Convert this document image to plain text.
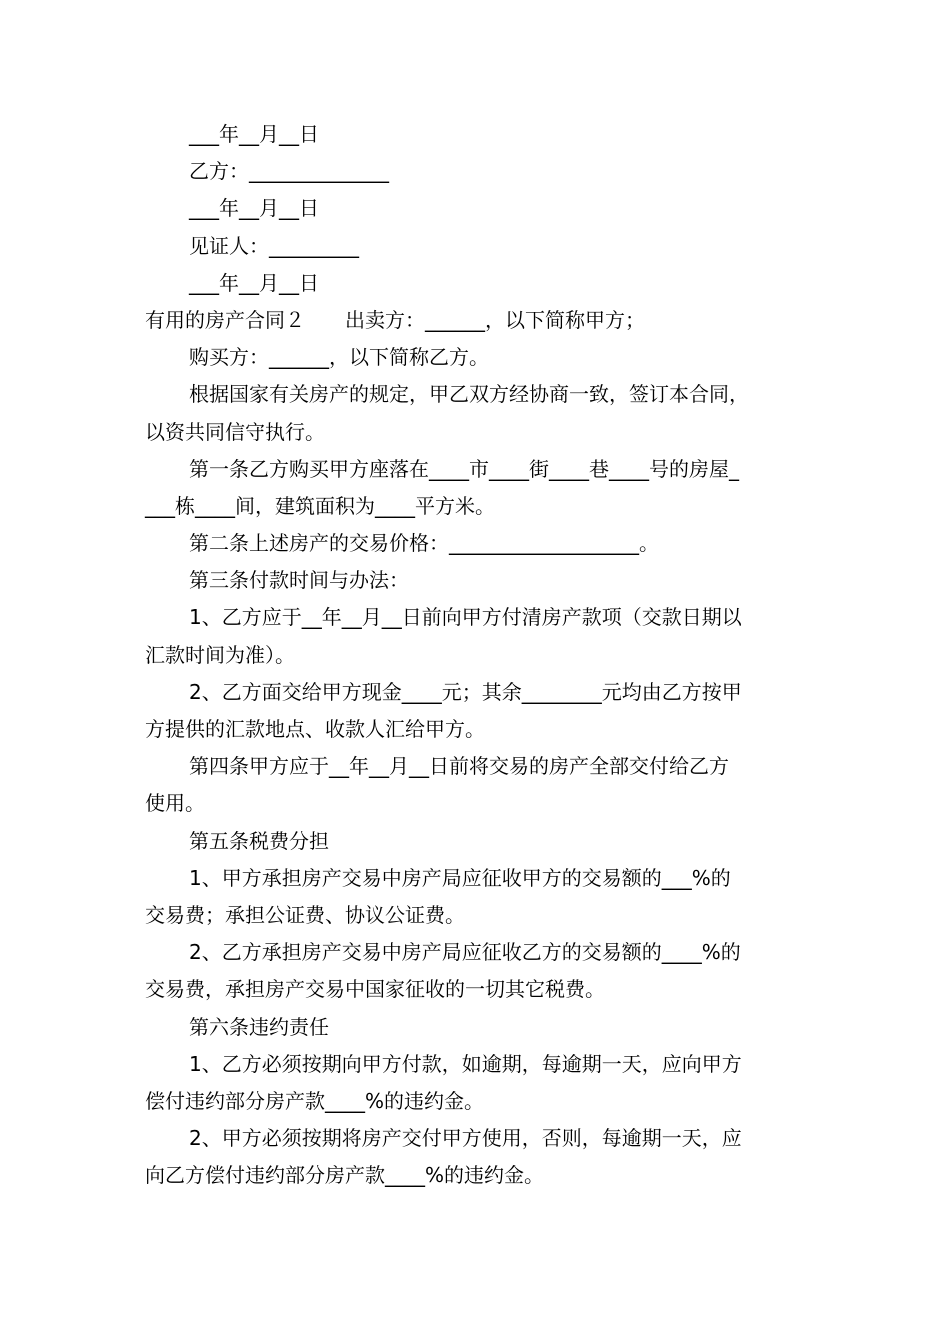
___年__月__日
乙方：______________
___年__月__日
见证人：_________
___年__月__日
有用的房产合同２　　出卖方：______，以下简称甲方；
购买方：______，以下简称乙方。
根据国家有关房产的规定，甲乙双方经协商一致，签订本合同，
以资共同信守执行。
第一条乙方购买甲方座落在____市____街____巷____号的房屋_
___栋____间，建筑面积为____平方米。
第二条上述房产的交易价格：___________________。
第三条付款时间与办法：
1、乙方应于__年__月__日前向甲方付清房产款项（交款日期以
汇款时间为准）。
2、乙方面交给甲方现金____元；其余________元均由乙方按甲
方提供的汇款地点、收款人汇给甲方。
第四条甲方应于__年__月__日前将交易的房产全部交付给乙方
使用。
第五条税费分担
1、甲方承担房产交易中房产局应征收甲方的交易额的___%的
交易费；承担公证费、协议公证费。
2、乙方承担房产交易中房产局应征收乙方的交易额的____%的
交易费，承担房产交易中国家征收的一切其它税费。
第六条违约责任
1、乙方必须按期向甲方付款，如逾期，每逾期一天，应向甲方
偿付违约部分房产款____%的违约金。
2、甲方必须按期将房产交付甲方使用，否则，每逾期一天，应
向乙方偿付违约部分房产款____%的违约金。
